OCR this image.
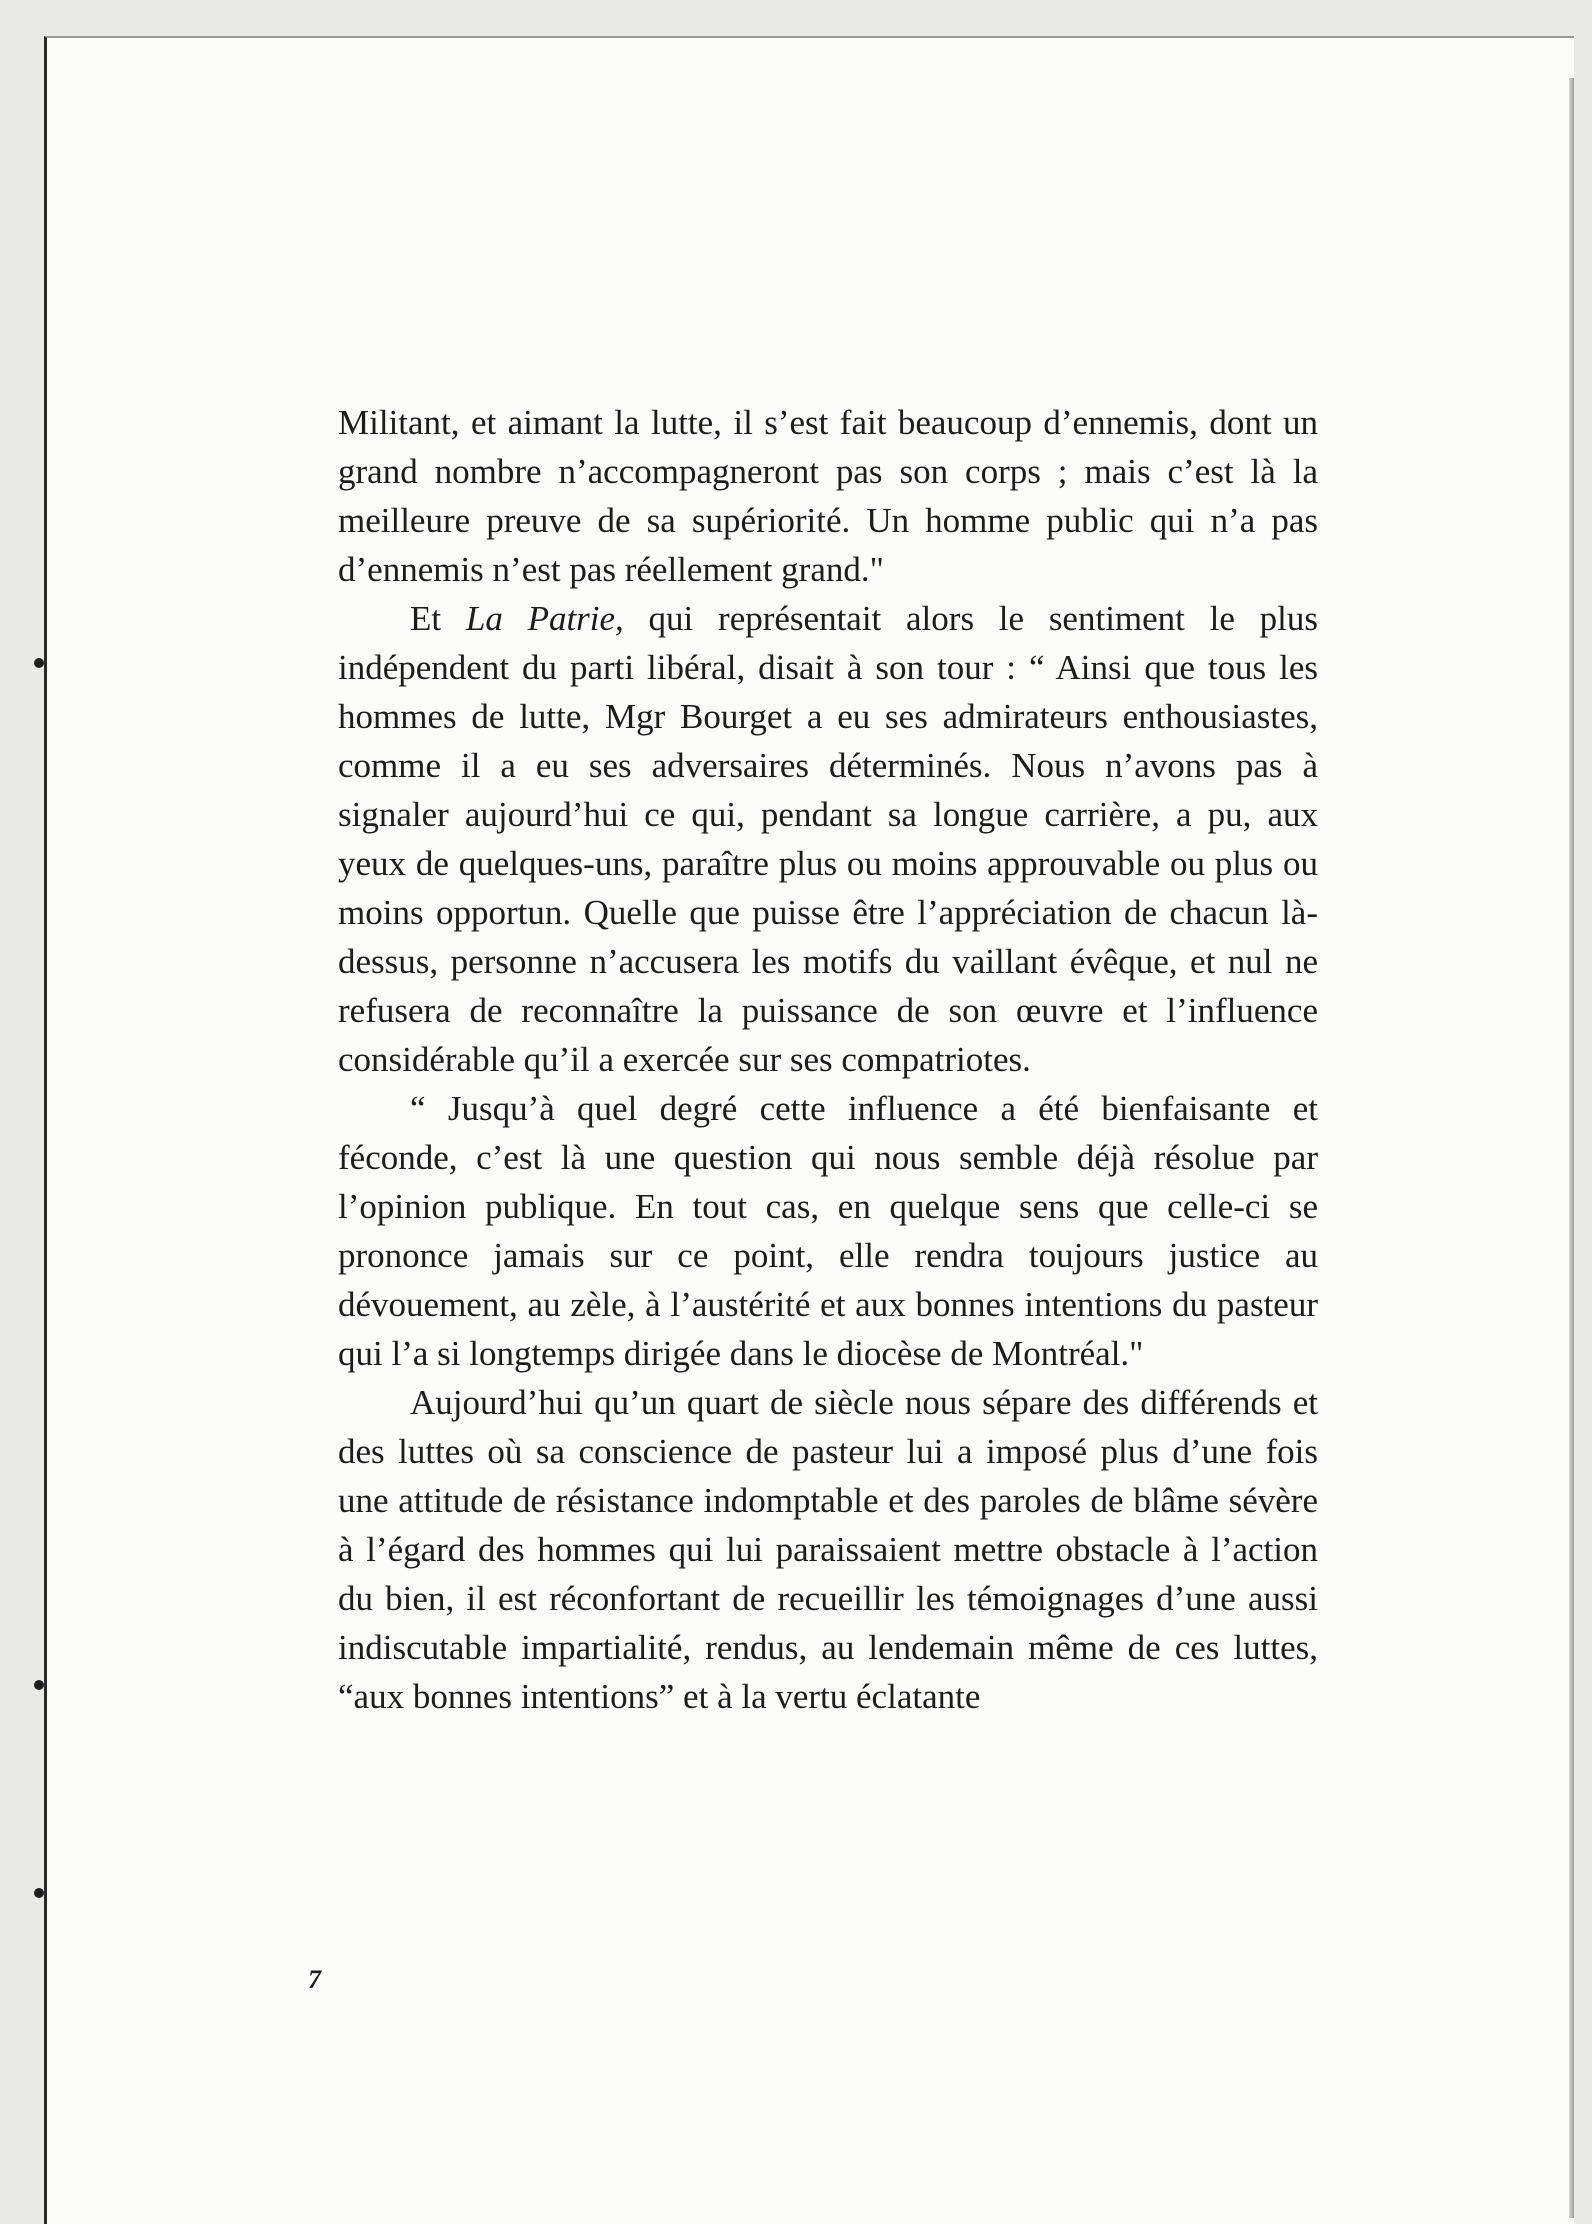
Militant, et aimant la lutte, il s’est fait beaucoup d’ennemis, dont un grand nombre n’accompagneront pas son corps ; mais c’est là la meilleure preuve de sa supériorité. Un homme public qui n’a pas d’ennemis n’est pas réellement grand."

Et La Patrie, qui représentait alors le sentiment le plus indépendent du parti libéral, disait à son tour : “ Ainsi que tous les hommes de lutte, Mgr Bourget a eu ses admirateurs enthousiastes, comme il a eu ses adversaires déterminés. Nous n’avons pas à signaler aujourd’hui ce qui, pendant sa longue carrière, a pu, aux yeux de quelques-uns, paraître plus ou moins approuvable ou plus ou moins opportun. Quelle que puisse être l’appréciation de chacun là-dessus, personne n’accusera les motifs du vaillant évêque, et nul ne refusera de reconnaître la puissance de son œuvre et l’influence considérable qu’il a exercée sur ses compatriotes.

“ Jusqu’à quel degré cette influence a été bienfaisante et féconde, c’est là une question qui nous semble déjà résolue par l’opinion publique. En tout cas, en quelque sens que celle-ci se prononce jamais sur ce point, elle rendra toujours justice au dévouement, au zèle, à l’austérité et aux bonnes intentions du pasteur qui l’a si longtemps dirigée dans le diocèse de Montréal."

Aujourd’hui qu’un quart de siècle nous sépare des différends et des luttes où sa conscience de pasteur lui a imposé plus d’une fois une attitude de résistance indomptable et des paroles de blâme sévère à l’égard des hommes qui lui paraissaient mettre obstacle à l’action du bien, il est réconfortant de recueillir les témoignages d’une aussi indiscutable impartialité, rendus, au lendemain même de ces luttes, “aux bonnes intentions” et à la vertu éclatante

7
